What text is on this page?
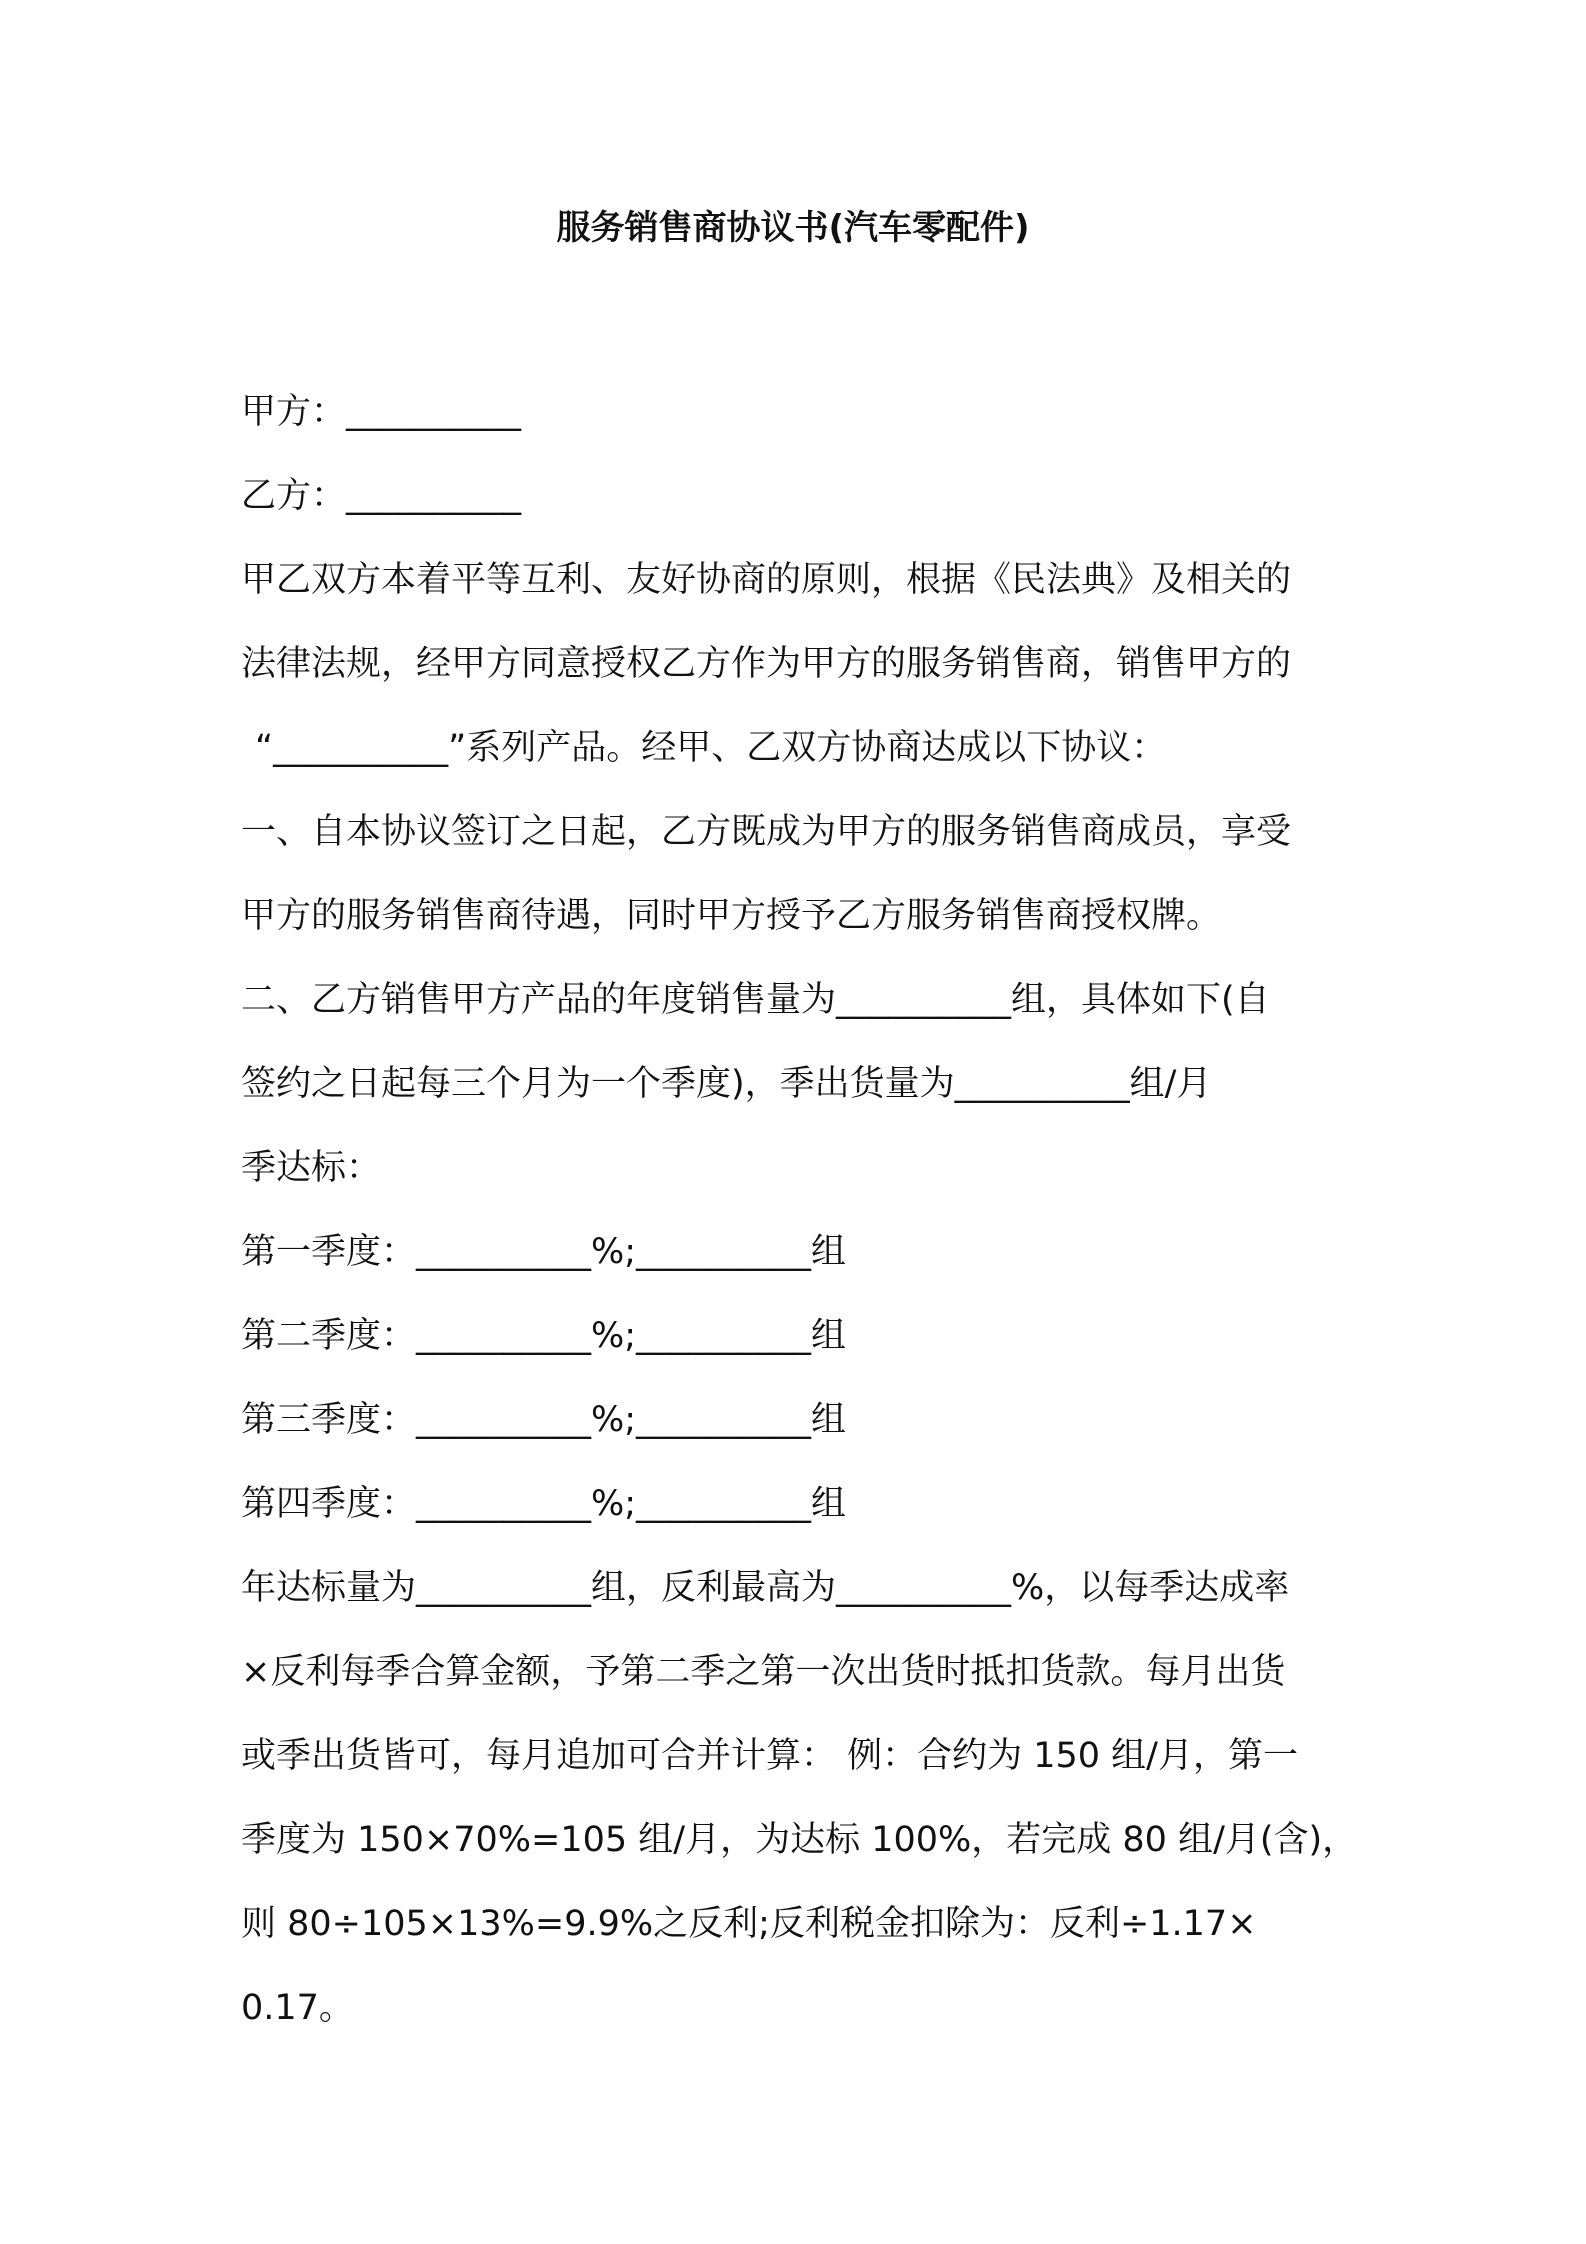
服务销售商协议书(汽车零配件)
甲方：__________
乙方：__________
甲乙双方本着平等互利、友好协商的原则，根据《民法典》及相关的
法律法规，经甲方同意授权乙方作为甲方的服务销售商，销售甲方的
“__________”系列产品。经甲、乙双方协商达成以下协议：
一、自本协议签订之日起，乙方既成为甲方的服务销售商成员，享受
甲方的服务销售商待遇，同时甲方授予乙方服务销售商授权牌。
二、乙方销售甲方产品的年度销售量为__________组，具体如下(自
签约之日起每三个月为一个季度)，季出货量为__________组/月
季达标：
第一季度：__________%;__________组
第二季度：__________%;__________组
第三季度：__________%;__________组
第四季度：__________%;__________组
年达标量为__________组，反利最高为__________%，以每季达成率
×反利每季合算金额，予第二季之第一次出货时抵扣货款。每月出货
或季出货皆可，每月追加可合并计算： 例：合约为 150 组/月，第一
季度为 150×70%=105 组/月，为达标 100%，若完成 80 组/月(含)，
则 80÷105×13%=9.9%之反利;反利税金扣除为：反利÷1.17×
0.17。
